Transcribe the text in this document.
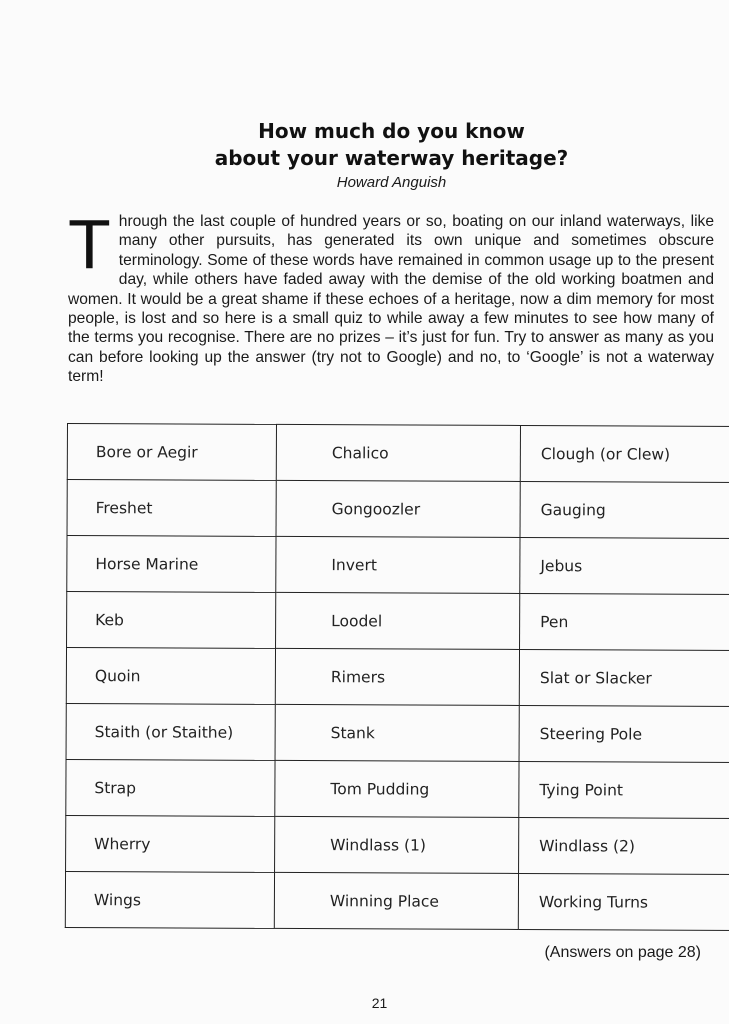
How much do you know
about your waterway heritage?
Howard Anguish

Through the last couple of hundred years or so, boating on our inland waterways, like many other pursuits, has generated its own unique and sometimes obscure terminology. Some of these words have remained in common usage up to the present day, while others have faded away with the demise of the old working boatmen and women. It would be a great shame if these echoes of a heritage, now a dim memory for most people, is lost and so here is a small quiz to while away a few minutes to see how many of the terms you recognise. There are no prizes – it’s just for fun. Try to answer as many as you can before looking up the answer (try not to Google) and no, to ‘Google’ is not a waterway term!

Bore or Aegir	Chalico	Clough (or Clew)
Freshet	Gongoozler	Gauging
Horse Marine	Invert	Jebus
Keb	Loodel	Pen
Quoin	Rimers	Slat or Slacker
Staith (or Staithe)	Stank	Steering Pole
Strap	Tom Pudding	Tying Point
Wherry	Windlass (1)	Windlass (2)
Wings	Winning Place	Working Turns
(Answers on page 28)
21
